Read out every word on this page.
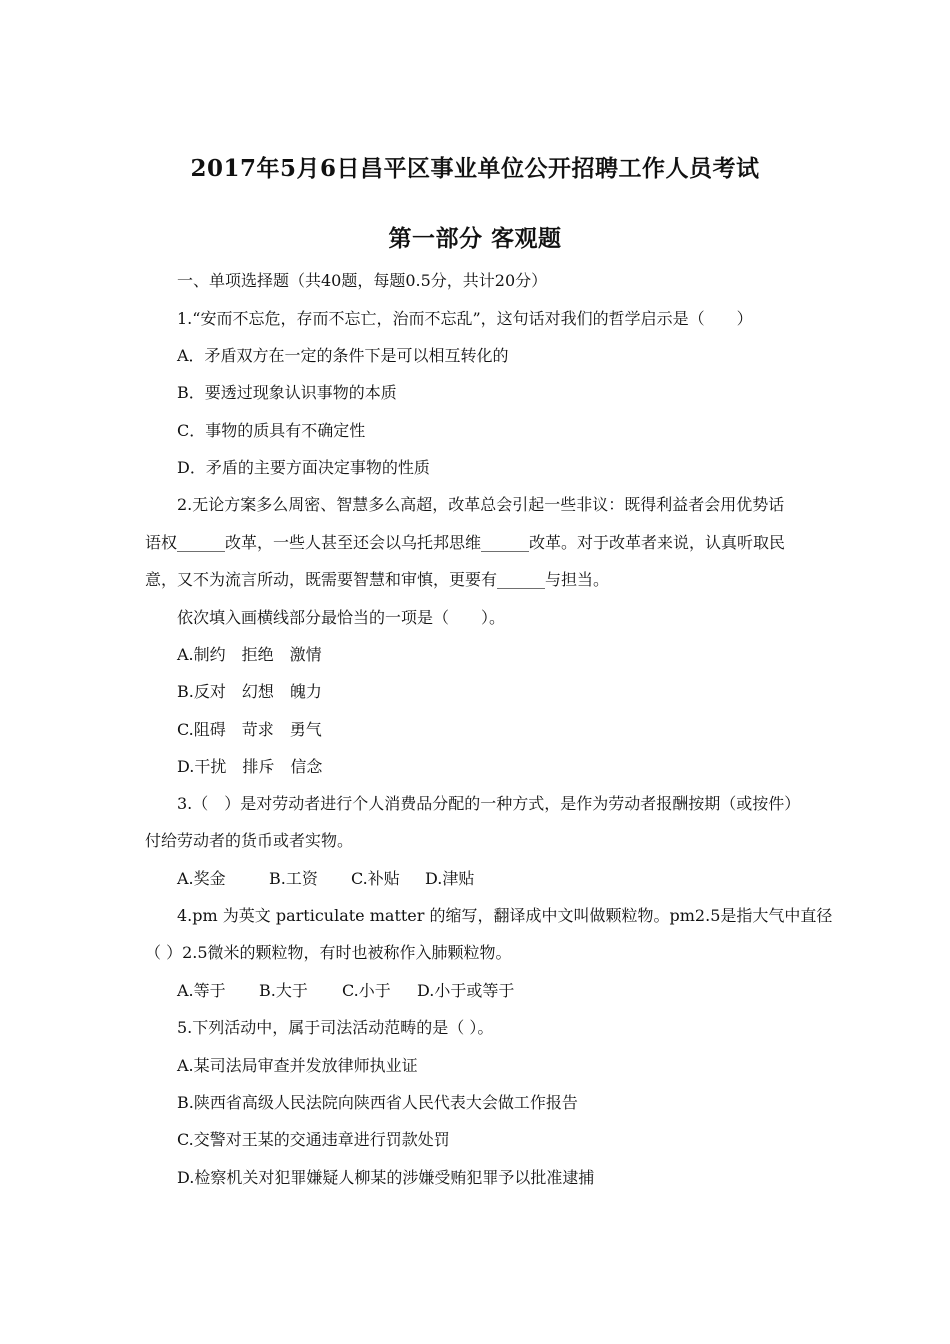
2017年5月6日昌平区事业单位公开招聘工作人员考试
第一部分 客观题
一、单项选择题（共40题，每题0.5分，共计20分）
1.“安而不忘危，存而不忘亡，治而不忘乱”，这句话对我们的哲学启示是（　　）
A．矛盾双方在一定的条件下是可以相互转化的
B．要透过现象认识事物的本质
C．事物的质具有不确定性
D．矛盾的主要方面决定事物的性质
2.无论方案多么周密、智慧多么高超，改革总会引起一些非议：既得利益者会用优势话
语权______改革，一些人甚至还会以乌托邦思维______改革。对于改革者来说，认真听取民
意，又不为流言所动，既需要智慧和审慎，更要有______与担当。
依次填入画横线部分最恰当的一项是（　　）。
A.制约　拒绝　激情
B.反对　幻想　魄力
C.阻碍　苛求　勇气
D.干扰　排斥　信念
3.（　）是对劳动者进行个人消费品分配的一种方式，是作为劳动者报酬按期（或按件）
付给劳动者的货币或者实物。
A.奖金	B.工资 C.补贴 D.津贴
4.pm 为英文 particulate matter 的缩写，翻译成中文叫做颗粒物。pm2.5是指大气中直径
（ ）2.5微米的颗粒物，有时也被称作入肺颗粒物。
A.等于 B.大于 C.小于 D.小于或等于
5.下列活动中，属于司法活动范畴的是（ ）。
A.某司法局审查并发放律师执业证
B.陕西省高级人民法院向陕西省人民代表大会做工作报告
C.交警对王某的交通违章进行罚款处罚
D.检察机关对犯罪嫌疑人柳某的涉嫌受贿犯罪予以批准逮捕
